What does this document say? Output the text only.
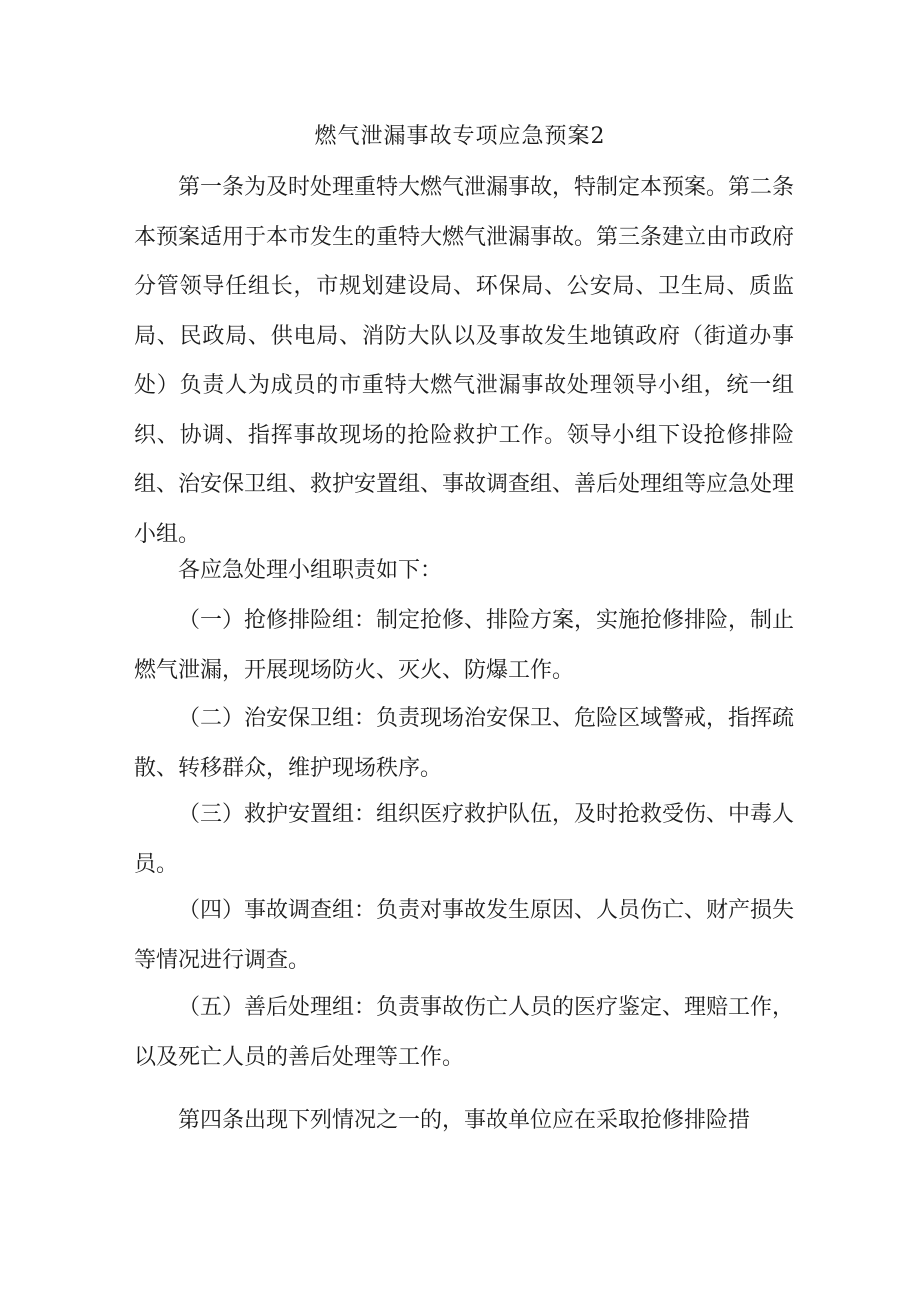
燃气泄漏事故专项应急预案2

第一条为及时处理重特大燃气泄漏事故，特制定本预案。第二条本预案适用于本市发生的重特大燃气泄漏事故。第三条建立由市政府分管领导任组长，市规划建设局、环保局、公安局、卫生局、质监局、民政局、供电局、消防大队以及事故发生地镇政府（街道办事处）负责人为成员的市重特大燃气泄漏事故处理领导小组，统一组织、协调、指挥事故现场的抢险救护工作。领导小组下设抢修排险组、治安保卫组、救护安置组、事故调查组、善后处理组等应急处理小组。

各应急处理小组职责如下：

（一）抢修排险组：制定抢修、排险方案，实施抢修排险，制止燃气泄漏，开展现场防火、灭火、防爆工作。

（二）治安保卫组：负责现场治安保卫、危险区域警戒，指挥疏散、转移群众，维护现场秩序。

（三）救护安置组：组织医疗救护队伍，及时抢救受伤、中毒人员。

（四）事故调查组：负责对事故发生原因、人员伤亡、财产损失等情况进行调查。

（五）善后处理组：负责事故伤亡人员的医疗鉴定、理赔工作，以及死亡人员的善后处理等工作。

第四条出现下列情况之一的，事故单位应在采取抢修排险措
